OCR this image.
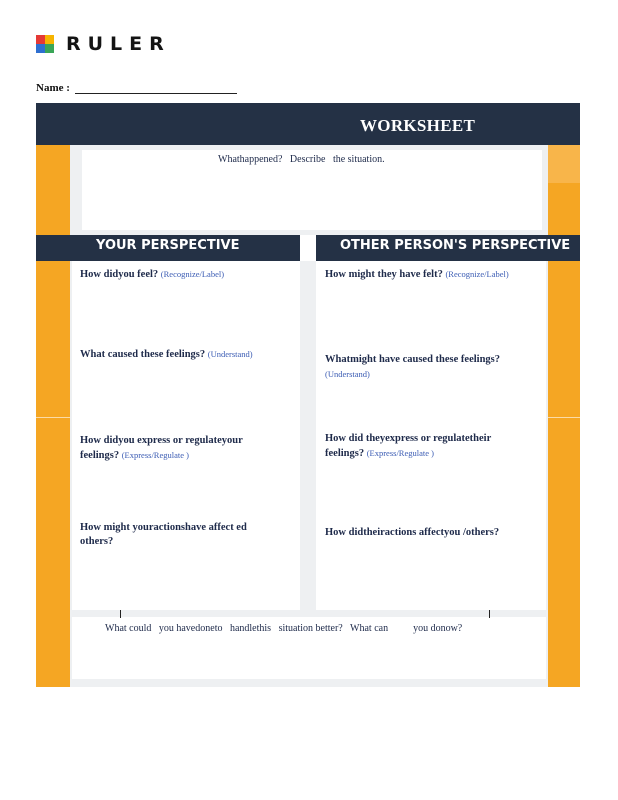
RULER
Name :
WORKSHEET
Whathappened?   Describe   the situation.
YOUR PERSPECTIVE	OTHER PERSON'S PERSPECTIVE
How didyou feel? (Recognize/Label)
What caused these feelings? (Understand)
How didyou express or regulateyour feelings? (Express/Regulate )
How might youractionshave affect ed others?
How might they have felt? (Recognize/Label)
Whatmight have caused these feelings?
(Understand)
How did theyexpress or regulatetheir feelings? (Express/Regulate )
How didtheiractions affectyou /others?
What could   you havedoneto   handlethis   situation better?   What can          you donow?
